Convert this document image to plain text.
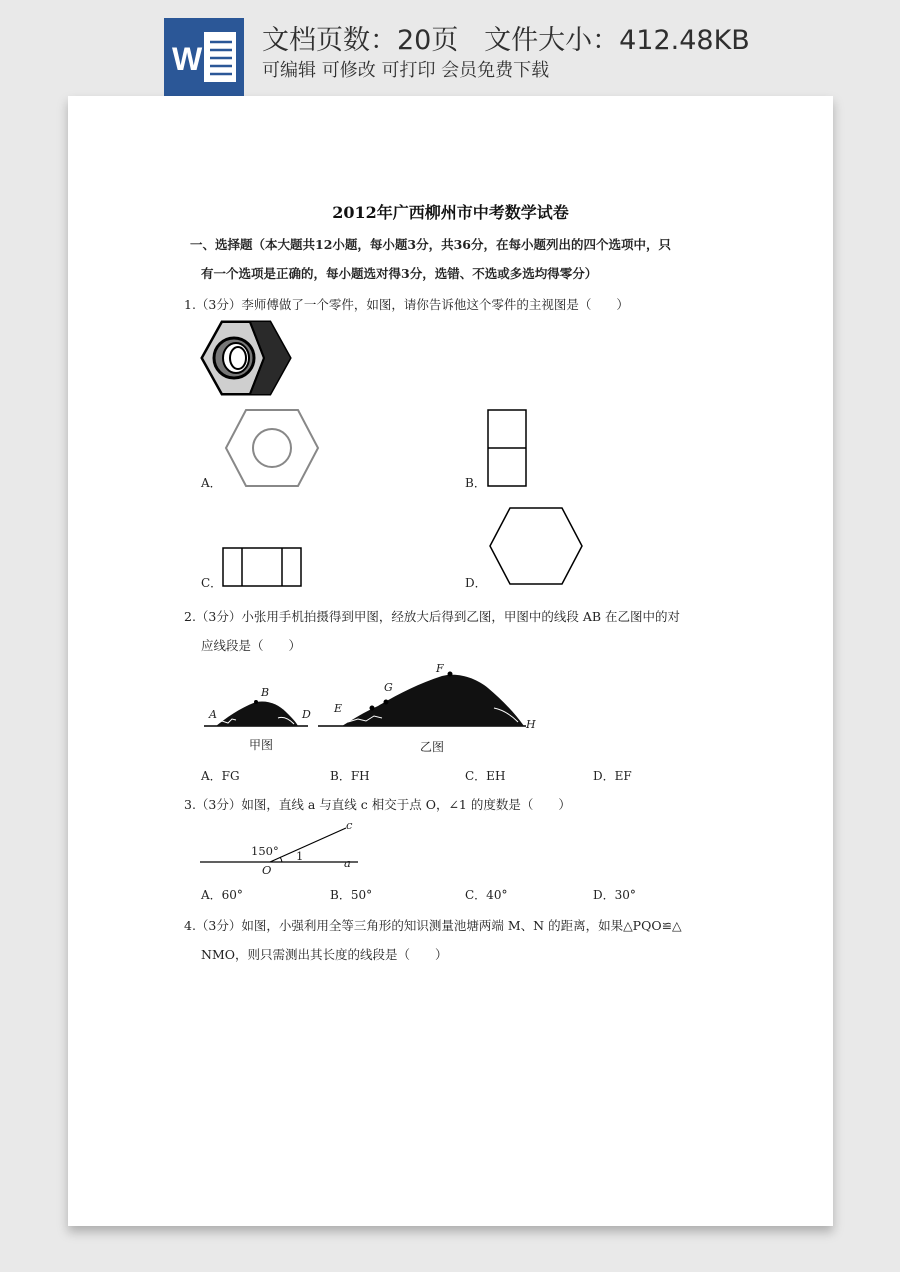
W
文档页数：20页   文件大小：412.48KB
可编辑 可修改 可打印 会员免费下载
2012年广西柳州市中考数学试卷
一、选择题（本大题共12小题，每小题3分，共36分，在每小题列出的四个选项中，只
有一个选项是正确的，每小题选对得3分，选错、不选或多选均得零分）
1.（3分）李师傅做了一个零件，如图，请你告诉他这个零件的主视图是（　　）
A．	B．
C．	D．
2.（3分）小张用手机拍摄得到甲图，经放大后得到乙图，甲图中的线段 AB 在乙图中的对
应线段是（　　）
A
B
D
甲图
E
G
F
H
乙图
A．FG	B．FH	C．EH	D．EF
3.（3分）如图，直线 a 与直线 c 相交于点 O，∠1 的度数是（　　）
150° 1
O	a
c
A．60°	B．50°	C．40°	D．30°
4.（3分）如图，小强利用全等三角形的知识测量池塘两端 M、N 的距离，如果△PQO≌△
NMO，则只需测出其长度的线段是（　　）
